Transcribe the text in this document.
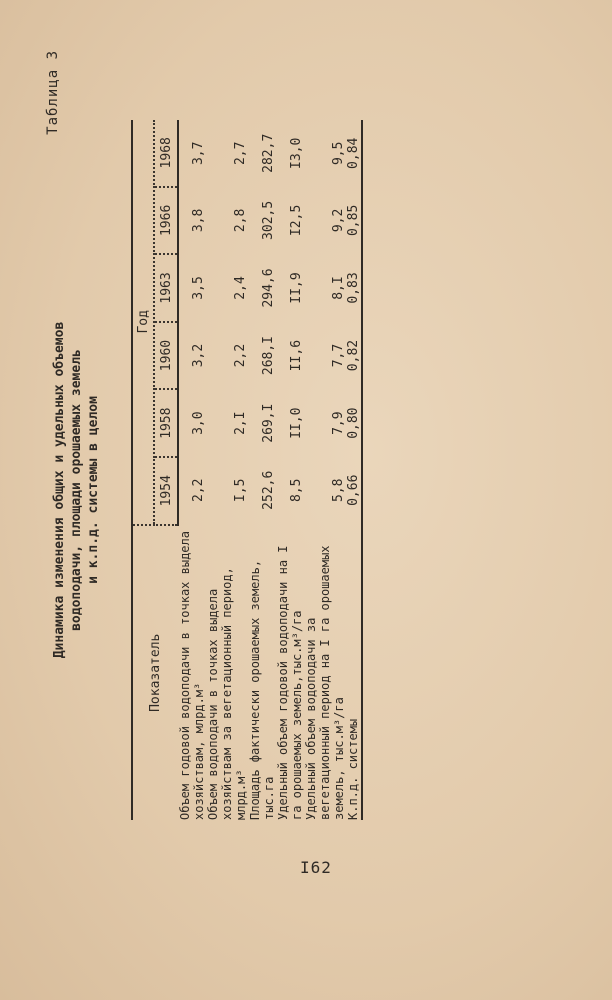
Таблица 3
Динамика изменения общих и удельных объемов водоподачи, площади орошаемых земель и к.п.д. системы в целом

Показатель	Год					
	1954	1958	1960	1963	1966	1968
Объем годовой водоподачи в точках выдела хозяйствам, млрд.м³	2,2	3,0	3,2	3,5	3,8	3,7
Объем водоподачи в точках выдела хозяйствам за вегетационный период, млрд.м³	I,5	2,I	2,2	2,4	2,8	2,7
Площадь фактически орошаемых земель, тыс.га	252,6	269,I	268,I	294,6	302,5	282,7
Удельный объем годовой водоподачи на I га орошаемых земель,тыс.м³/га	8,5	II,0	II,6	II,9	I2,5	I3,0
Удельный объем водоподачи за вегетационный период на I га орошаемых земель, тыс.м³/га	5,8	7,9	7,7	8,I	9,2	9,5
К.п.д. системы	0,66	0,80	0,82	0,83	0,85	0,84

I62
